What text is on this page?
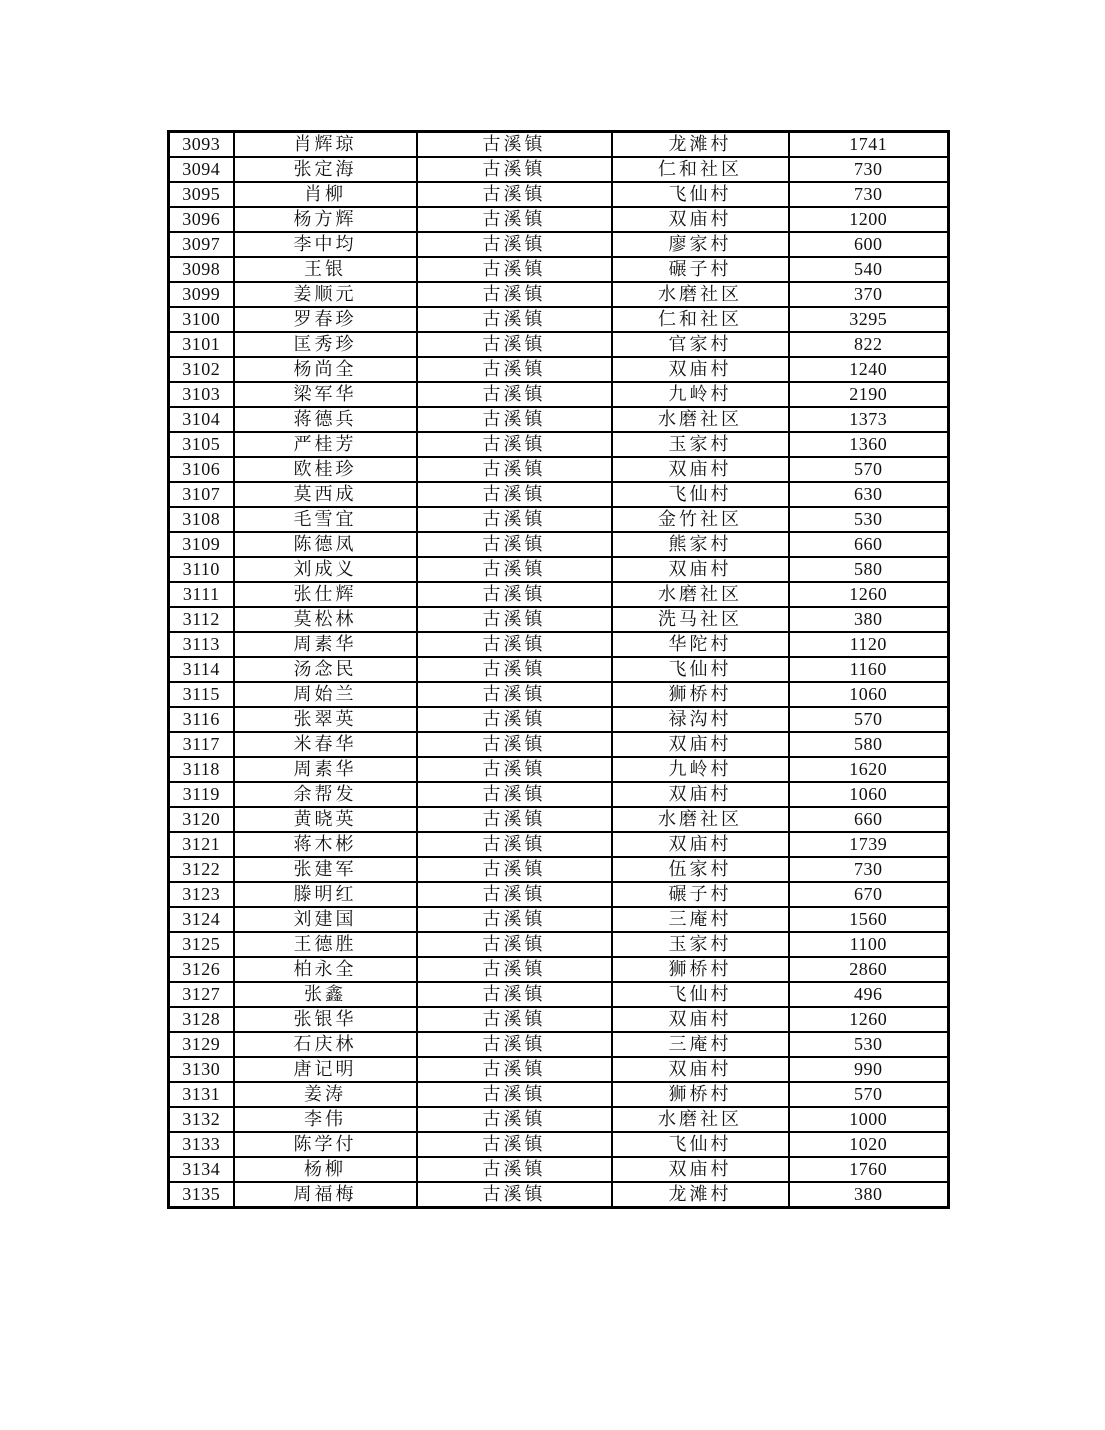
3093	肖辉琼	古溪镇	龙滩村	1741
3094	张定海	古溪镇	仁和社区	730
3095	肖柳	古溪镇	飞仙村	730
3096	杨方辉	古溪镇	双庙村	1200
3097	李中均	古溪镇	廖家村	600
3098	王银	古溪镇	碾子村	540
3099	姜顺元	古溪镇	水磨社区	370
3100	罗春珍	古溪镇	仁和社区	3295
3101	匡秀珍	古溪镇	官家村	822
3102	杨尚全	古溪镇	双庙村	1240
3103	梁军华	古溪镇	九岭村	2190
3104	蒋德兵	古溪镇	水磨社区	1373
3105	严桂芳	古溪镇	玉家村	1360
3106	欧桂珍	古溪镇	双庙村	570
3107	莫西成	古溪镇	飞仙村	630
3108	毛雪宜	古溪镇	金竹社区	530
3109	陈德凤	古溪镇	熊家村	660
3110	刘成义	古溪镇	双庙村	580
3111	张仕辉	古溪镇	水磨社区	1260
3112	莫松林	古溪镇	洗马社区	380
3113	周素华	古溪镇	华陀村	1120
3114	汤念民	古溪镇	飞仙村	1160
3115	周始兰	古溪镇	狮桥村	1060
3116	张翠英	古溪镇	禄沟村	570
3117	米春华	古溪镇	双庙村	580
3118	周素华	古溪镇	九岭村	1620
3119	余帮发	古溪镇	双庙村	1060
3120	黄晓英	古溪镇	水磨社区	660
3121	蒋木彬	古溪镇	双庙村	1739
3122	张建军	古溪镇	伍家村	730
3123	滕明红	古溪镇	碾子村	670
3124	刘建国	古溪镇	三庵村	1560
3125	王德胜	古溪镇	玉家村	1100
3126	柏永全	古溪镇	狮桥村	2860
3127	张鑫	古溪镇	飞仙村	496
3128	张银华	古溪镇	双庙村	1260
3129	石庆林	古溪镇	三庵村	530
3130	唐记明	古溪镇	双庙村	990
3131	姜涛	古溪镇	狮桥村	570
3132	李伟	古溪镇	水磨社区	1000
3133	陈学付	古溪镇	飞仙村	1020
3134	杨柳	古溪镇	双庙村	1760
3135	周福梅	古溪镇	龙滩村	380
